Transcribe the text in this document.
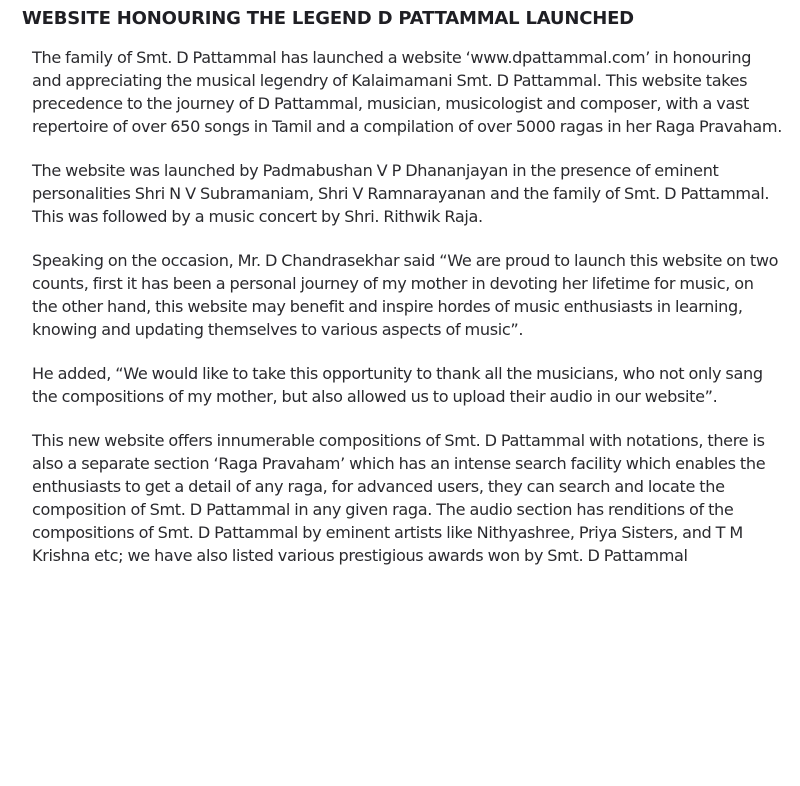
WEBSITE HONOURING THE LEGEND D PATTAMMAL LAUNCHED

The family of Smt. D Pattammal has launched a website ‘www.dpattammal.com’ in honouring and appreciating the musical legendry of Kalaimamani Smt. D Pattammal. This website takes precedence to the journey of D Pattammal, musician, musicologist and composer, with a vast repertoire of over 650 songs in Tamil and a compilation of over 5000 ragas in her Raga Pravaham.

The website was launched by Padmabushan V P Dhananjayan in the presence of eminent personalities Shri N V Subramaniam, Shri V Ramnarayanan and the family of Smt. D Pattammal. This was followed by a music concert by Shri. Rithwik Raja.

Speaking on the occasion, Mr. D Chandrasekhar said “We are proud to launch this website on two counts, first it has been a personal journey of my mother in devoting her lifetime for music, on the other hand, this website may benefit and inspire hordes of music enthusiasts in learning, knowing and updating themselves to various aspects of music”.

He added, “We would like to take this opportunity to thank all the musicians, who not only sang the compositions of my mother, but also allowed us to upload their audio in our website”.

This new website offers innumerable compositions of Smt. D Pattammal with notations, there is also a separate section ‘Raga Pravaham’ which has an intense search facility which enables the enthusiasts to get a detail of any raga, for advanced users, they can search and locate the composition of Smt. D Pattammal in any given raga. The audio section has renditions of the compositions of Smt. D Pattammal by eminent artists like Nithyashree, Priya Sisters, and T M Krishna etc; we have also listed various prestigious awards won by Smt. D Pattammal
